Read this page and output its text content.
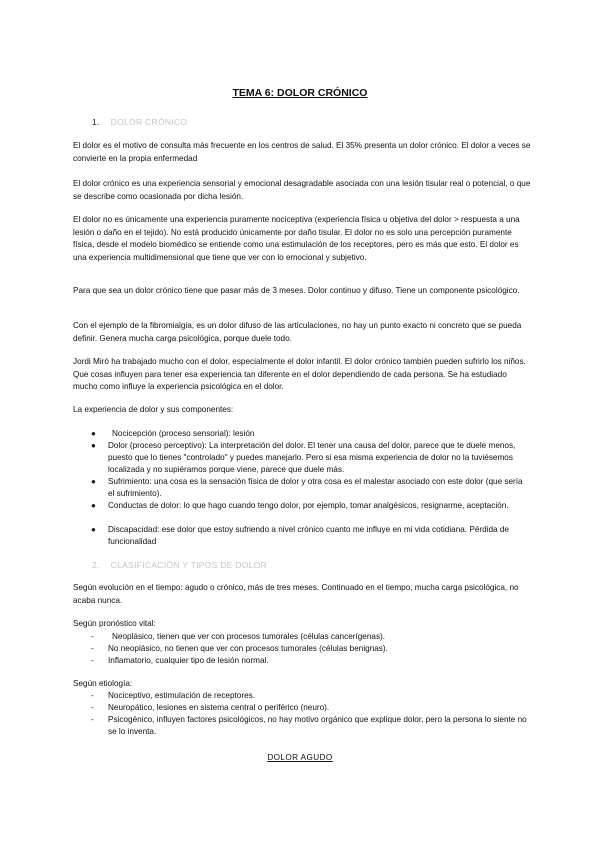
TEMA 6: DOLOR CRÓNICO
1. DOLOR CRÓNICO
El dolor es el motivo de consulta más frecuente en los centros de salud. El 35% presenta un dolor crónico. El dolor a veces se convierte en la propia enfermedad
El dolor crónico es una experiencia sensorial y emocional desagradable asociada con una lesión tisular real o potencial, o que se describe como ocasionada por dicha lesión.
El dolor no es únicamente una experiencia puramente nociceptiva (experiencia física u objetiva del dolor > respuesta a una lesión o daño en el tejido). No está producido únicamente por daño tisular. El dolor no es solo una percepción puramente física, desde el modelo biomédico se entiende como una estimulación de los receptores, pero es más que esto. El dolor es una experiencia multidimensional que tiene que ver con lo emocional y subjetivo.
Para que sea un dolor crónico tiene que pasar más de 3 meses. Dolor continuo y difuso. Tiene un componente psicológico.
Con el ejemplo de la fibromialgia, es un dolor difuso de las articulaciones, no hay un punto exacto ni concreto que se pueda definir. Genera mucha carga psicológica, porque duele todo.
Jordi Miró ha trabajado mucho con el dolor, especialmente el dolor infantil. El dolor crónico también pueden sufrirlo los niños. Que cosas influyen para tener esa experiencia tan diferente en el dolor dependiendo de cada persona. Se ha estudiado mucho como influye la experiencia psicológica en el dolor.
La experiencia de dolor y sus componentes:
●	Nocicepción (proceso sensorial): lesión
●	Dolor (proceso perceptivo): La interpretación del dolor. El tener una causa del dolor, parece que te duele menos, puesto que lo tienes "controlado" y puedes manejarlo. Pero si esa misma experiencia de dolor no la tuviésemos localizada y no supiéramos porque viene, parece que duele más.
●	Sufrimiento: una cosa es la sensación física de dolor y otra cosa es el malestar asociado con este dolor (que sería el sufrimiento).
●	Conductas de dolor: lo que hago cuando tengo dolor, por ejemplo, tomar analgésicos, resignarme, aceptación.
●	Discapacidad: ese dolor que estoy sufriendo a nivel crónico cuanto me influye en mi vida cotidiana. Pérdida de funcionalidad
2. CLASIFICACIÓN Y TIPOS DE DOLOR
Según evolución en el tiempo: agudo o crónico, más de tres meses. Continuado en el tiempo, mucha carga psicológica, no acaba nunca.
Según pronóstico vital:
- Neoplásico, tienen que ver con procesos tumorales (células cancerígenas).
- No neoplásico, no tienen que ver con procesos tumorales (células benignas).
- Inflamatorio, cualquier tipo de lesión normal.
Según etiología:
- Nociceptivo, estimulación de receptores.
- Neuropático, lesiones en sistema central o periférico (neuro).
- Psicogénico, influyen factores psicológicos, no hay motivo orgánico que explique dolor, pero la persona lo siente no se lo inventa.
DOLOR AGUDO
